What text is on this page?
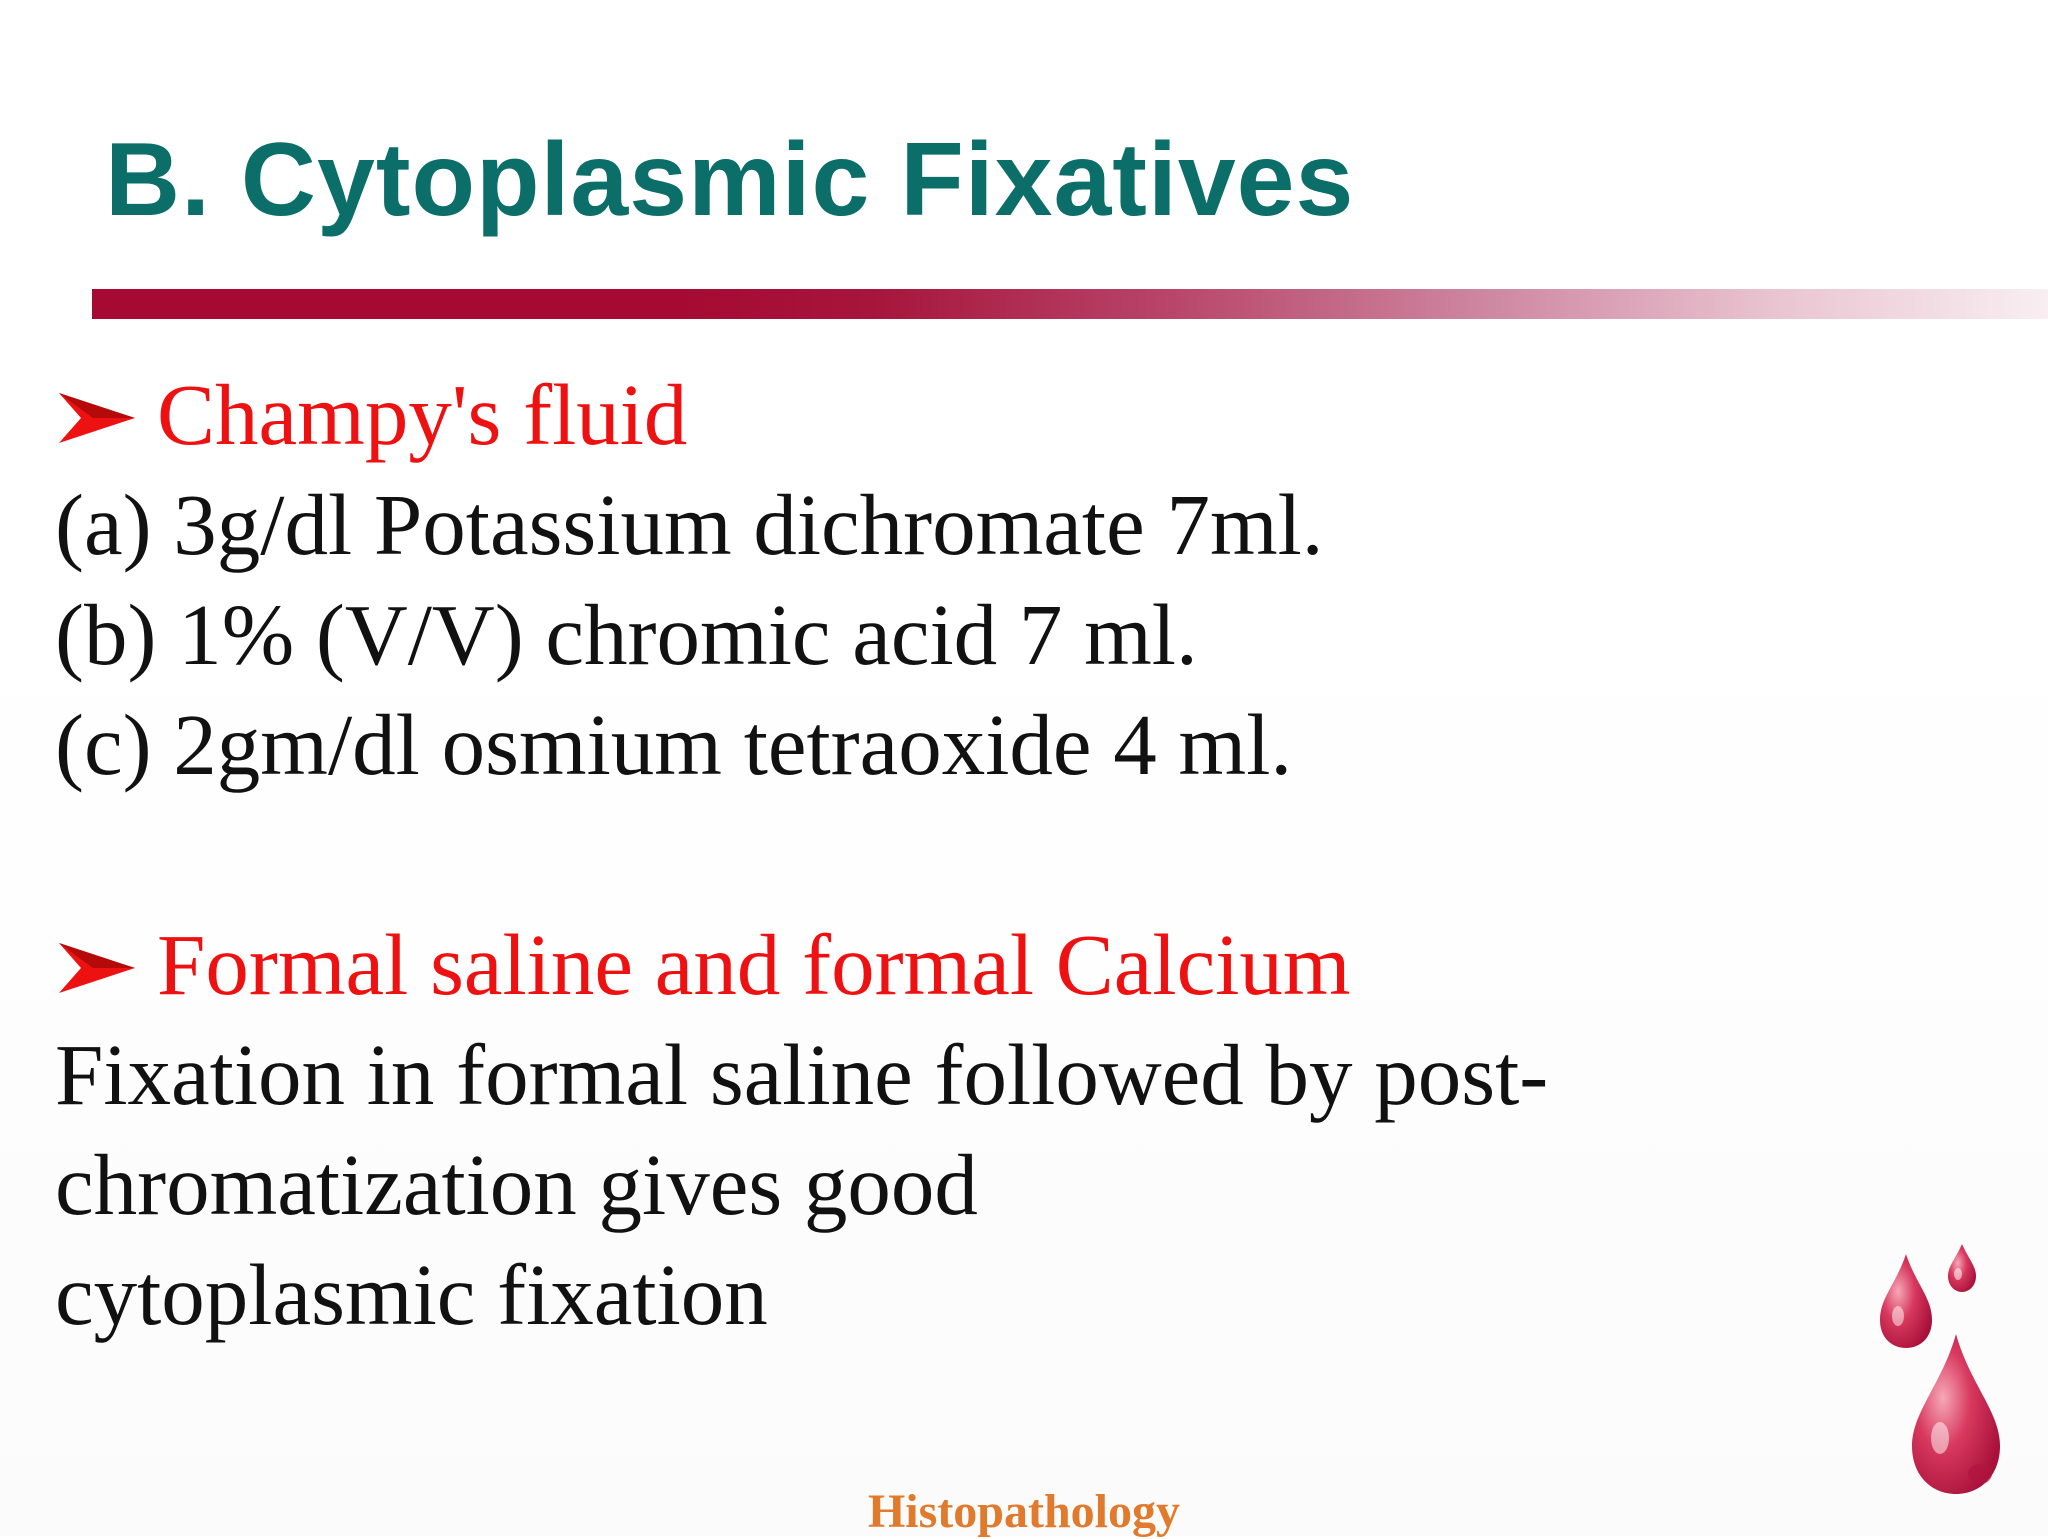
B. Cytoplasmic Fixatives
Champy's fluid
(a) 3g/dl Potassium dichromate 7ml.
(b) 1% (V/V) chromic acid 7 ml.
(c) 2gm/dl osmium tetraoxide 4 ml.
Formal saline and formal Calcium
Fixation in formal saline followed by post-
chromatization gives good
cytoplasmic fixation
Histopathology
